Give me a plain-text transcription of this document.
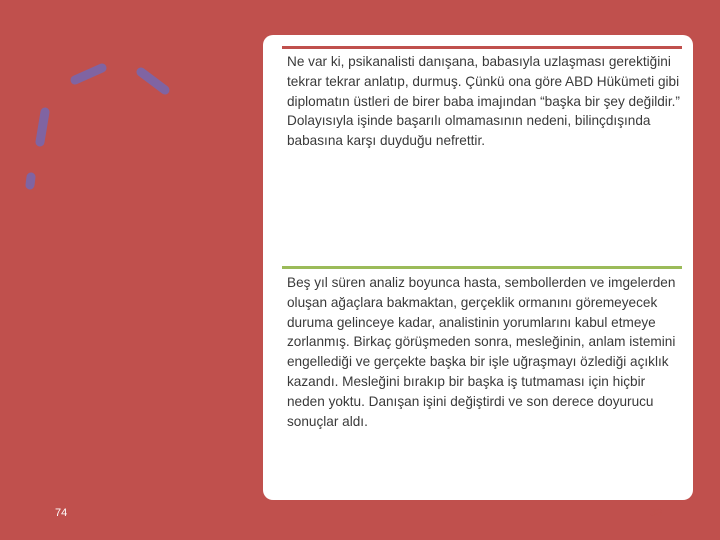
Ne var ki, psikanalisti danışana, babasıyla uzlaşması gerektiğini tekrar tekrar anlatıp, durmuş. Çünkü ona göre ABD Hükümeti gibi diplomatın üstleri de birer baba imajından “başka bir şey değildir.” Dolayısıyla işinde başarılı olmamasının nedeni, bilinçdışında babasına karşı duyduğu nefrettir.

Beş yıl süren analiz boyunca hasta, sembollerden ve imgelerden oluşan ağaçlara bakmaktan, gerçeklik ormanını göremeyecek duruma gelinceye kadar, analistinin yorumlarını kabul etmeye zorlanmış. Birkaç görüşmeden sonra, mesleğinin, anlam istemini engellediği ve gerçekte başka bir işle uğraşmayı özlediği açıklık kazandı. Mesleğini bırakıp bir başka iş tutmaması için hiçbir neden yoktu. Danışan işini değiştirdi ve son derece doyurucu sonuçlar aldı.

74	38
